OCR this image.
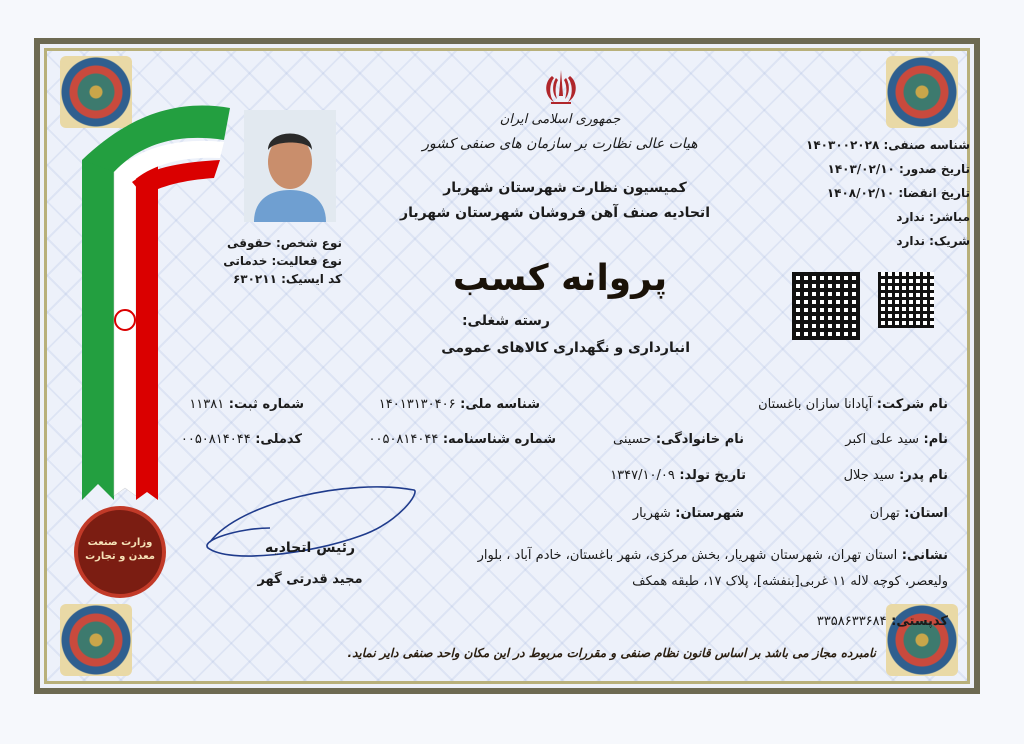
جمهوری اسلامی ایران
هیات عالی نظارت بر سازمان های صنفی کشور
کمیسیون نظارت شهرستان شهریار
اتحادیه صنف آهن فروشان شهرستان شهریار
پروانه کسب
رسته شغلی:
انبارداری و نگهداری کالاهای عمومی
شناسه صنفی: ۱۴۰۳۰۰۲۰۲۸
تاریخ صدور: ۱۴۰۳/۰۲/۱۰
تاریخ انقضا: ۱۴۰۸/۰۲/۱۰
مباشر: ندارد
شریک: ندارد
نوع شخص: حقوقی
نوع فعالیت: خدماتی
کد ایسیک: ۶۳۰۲۱۱
نام شرکت: آپادانا سازان باغستان
شناسه ملی: ۱۴۰۱۳۱۳۰۴۰۶
شماره ثبت: ۱۱۳۸۱
نام: سید علی اکبر
نام خانوادگی: حسینی
شماره شناسنامه: ۰۰۵۰۸۱۴۰۴۴
کدملی: ۰۰۵۰۸۱۴۰۴۴
نام پدر: سید جلال
تاریخ تولد: ۱۳۴۷/۱۰/۰۹
استان: تهران
شهرستان: شهریار
نشانی: استان تهران، شهرستان شهریار، بخش مرکزی، شهر باغستان، خادم آباد ، بلوار
ولیعصر، کوچه لاله ۱۱ غربی[بنفشه]، پلاک ۱۷، طبقه همکف
کدپستی: ۳۳۵۸۶۳۳۶۸۴
رئیس اتحادیه
مجید قدرتی گهر
وزارت صنعت معدن و تجارت
نامبرده مجاز می باشد بر اساس قانون نظام صنفی و مقررات مربوط در این مکان واحد صنفی دایر نماید.
